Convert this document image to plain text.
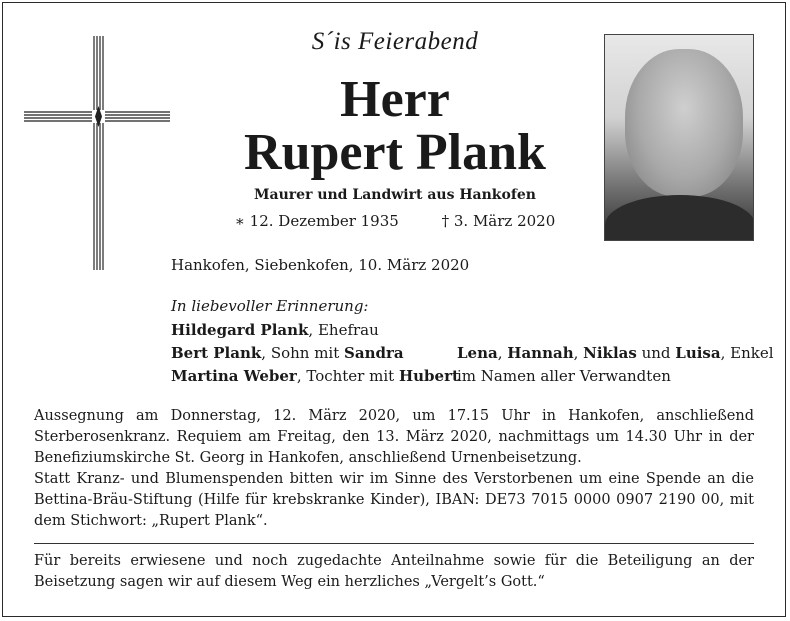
S´is Feierabend
Herr
Rupert Plank
Maurer und Landwirt aus Hankofen
∗ 12. Dezember 1935	† 3. März 2020
Hankofen, Siebenkofen, 10. März 2020
In liebevoller Erinnerung:
Hildegard Plank, Ehefrau
Bert Plank, Sohn mit Sandra
Martina Weber, Tochter mit Hubert
Lena, Hannah, Niklas und Luisa, Enkel
im Namen aller Verwandten
Aussegnung am Donnerstag, 12. März 2020, um 17.15 Uhr in Hankofen, anschließend Sterberosenkranz. Requiem am Freitag, den 13. März 2020, nachmittags um 14.30 Uhr in der Benefiziumskirche St. Georg in Hankofen, anschließend Urnenbeisetzung.
Statt Kranz- und Blumenspenden bitten wir im Sinne des Verstorbenen um eine Spende an die Bettina-Bräu-Stiftung (Hilfe für krebskranke Kinder), IBAN: DE73 7015 0000 0907 2190 00, mit dem Stichwort: „Rupert Plank“.
Für bereits erwiesene und noch zugedachte Anteilnahme sowie für die Beteiligung an der Beisetzung sagen wir auf diesem Weg ein herzliches „Vergelt’s Gott.“
